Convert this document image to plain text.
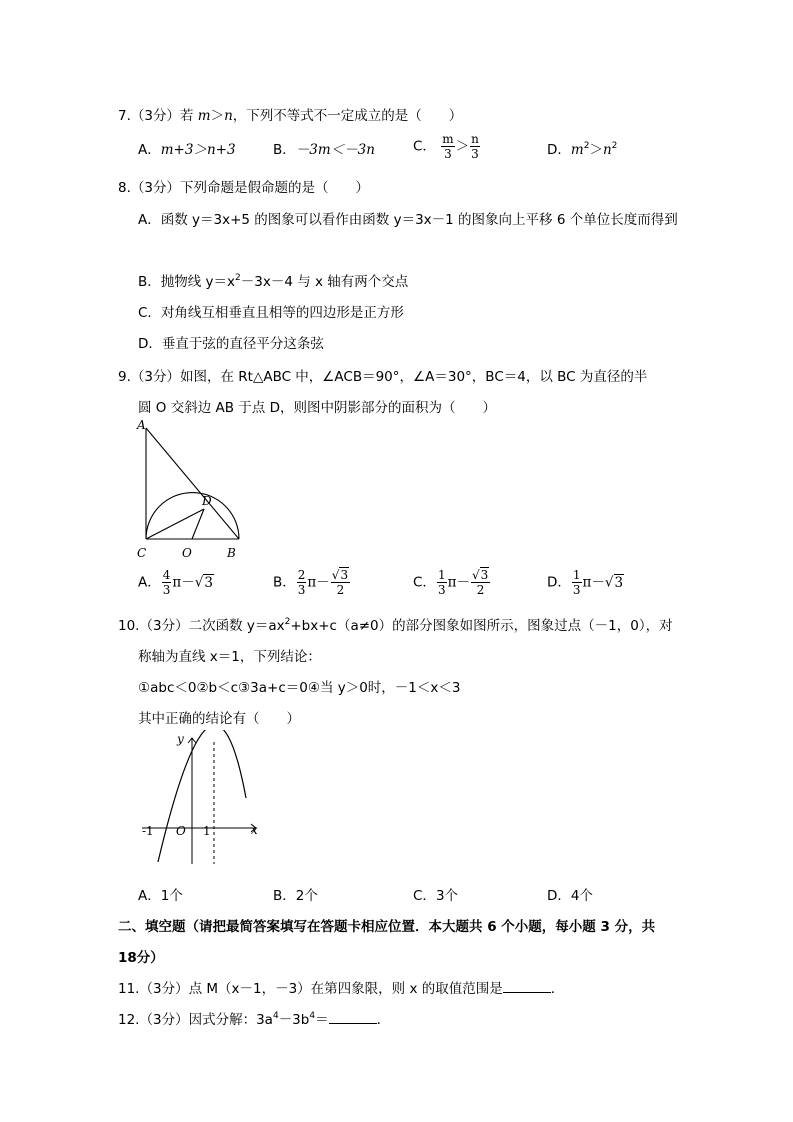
7.（3分）若 m＞n，下列不等式不一定成立的是（　　）
A．m+3＞n+3	B．－3m＜－3n	C． $\frac{m}{3} > \frac{n}{3}$	D．$m^2>n^2$
8.（3分）下列命题是假命题的是（　　）
A．函数 y＝3x+5 的图象可以看作由函数 y＝3x－1 的图象向上平移 6 个单位长度而得到
B．抛物线 $y=x^2-3x-4$ 与 x 轴有两个交点
C．对角线互相垂直且相等的四边形是正方形
D．垂直于弦的直径平分这条弦
9.（3分）如图，在 Rt△ABC 中，∠ACB＝90°，∠A＝30°，BC＝4，以 BC 为直径的半
圆 O 交斜边 AB 于点 D，则图中阴影部分的面积为（　　）
A
D
C	O	B
A． $\frac{4}{3} \pi-√3$	B． $\frac{2}{3} \pi- \frac{√3}{2}$	C． $\frac{1}{3} \pi- \frac{√3}{2}$	D． $\frac{1}{3} \pi-√3$
10.（3分）二次函数 $y=ax^2+bx+c(a\ne 0)$的部分图象如图所示，图象过点（－1，0），对
称轴为直线 x＝1，下列结论：
①abc＜0②b＜c③3a+c＝0④当 y＞0时，－1＜x＜3
其中正确的结论有（　　）
y
x
-1 O 1
A．1个	B．2个	C．3个	D．4个
二、填空题（请把最简答案填写在答题卡相应位置．本大题共 6 个小题，每小题 3 分，共
18分）
11.（3分）点 M（x－1，－3）在第四象限，则 x 的取值范围是	．
12.（3分）因式分解：$3a^4-3b^4=$	．
